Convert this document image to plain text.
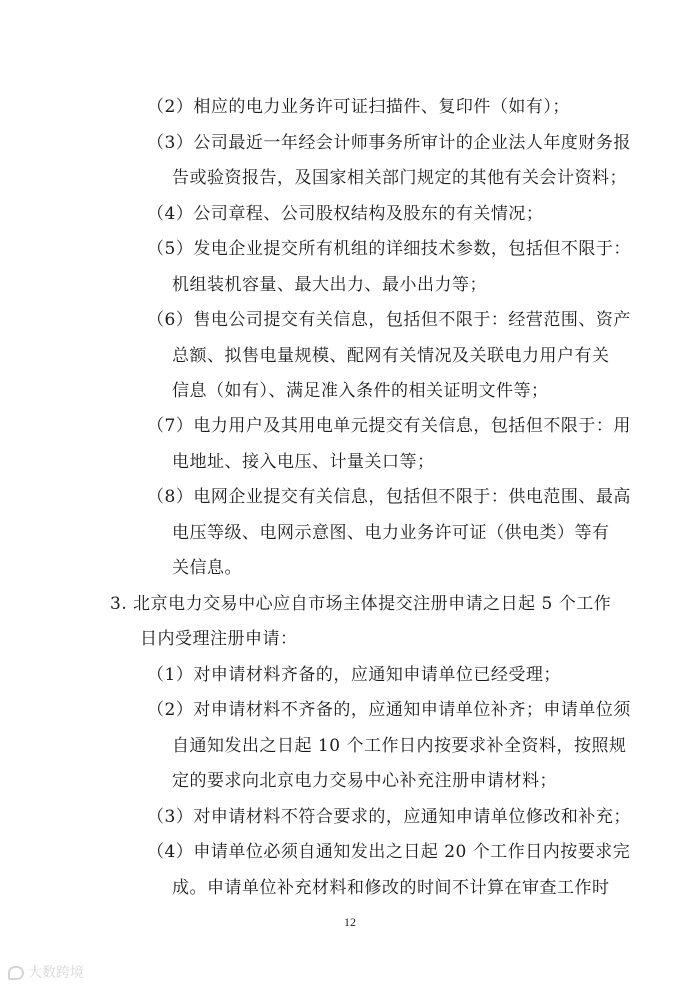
（2）相应的电力业务许可证扫描件、复印件（如有）；
（3）公司最近一年经会计师事务所审计的企业法人年度财务报
告或验资报告，及国家相关部门规定的其他有关会计资料；
（4）公司章程、公司股权结构及股东的有关情况；
（5）发电企业提交所有机组的详细技术参数，包括但不限于：
机组装机容量、最大出力、最小出力等；
（6）售电公司提交有关信息，包括但不限于：经营范围、资产
总额、拟售电量规模、配网有关情况及关联电力用户有关
信息（如有）、满足准入条件的相关证明文件等；
（7）电力用户及其用电单元提交有关信息，包括但不限于：用
电地址、接入电压、计量关口等；
（8）电网企业提交有关信息，包括但不限于：供电范围、最高
电压等级、电网示意图、电力业务许可证（供电类）等有
关信息。
3. 北京电力交易中心应自市场主体提交注册申请之日起 5 个工作
日内受理注册申请：
（1）对申请材料齐备的，应通知申请单位已经受理；
（2）对申请材料不齐备的，应通知申请单位补齐；申请单位须
自通知发出之日起 10 个工作日内按要求补全资料，按照规
定的要求向北京电力交易中心补充注册申请材料；
（3）对申请材料不符合要求的，应通知申请单位修改和补充；
（4）申请单位必须自通知发出之日起 20 个工作日内按要求完
成。申请单位补充材料和修改的时间不计算在审查工作时
12
大数跨境
